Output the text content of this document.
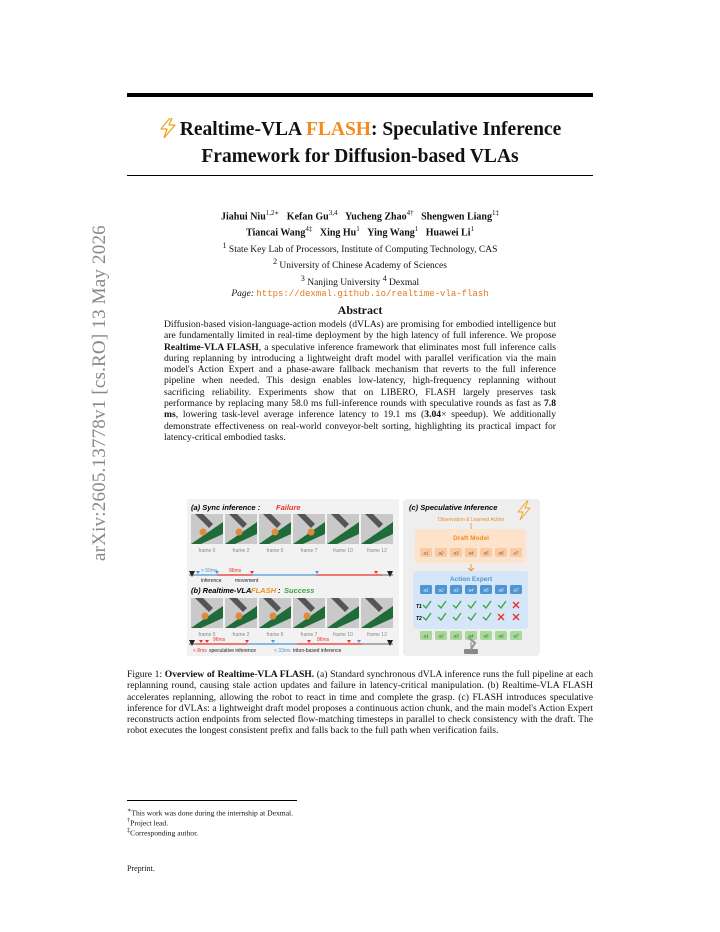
arXiv:2605.13778v1 [cs.RO] 13 May 2026
Realtime-VLA FLASH: Speculative Inference
Framework for Diffusion-based VLAs
Jiahui Niu$^{1,2∗}$ Kefan Gu$^{3,4}$ Yucheng Zhao$^{4\dagger}$ Shengwen Liang$^{1\ddagger}$
Tiancai Wang$^{4\ddagger}$ Xing Hu$^1$ Ying Wang$^1$ Huawei Li$^1$
$^1$ State Key Lab of Processors, Institute of Computing Technology, CAS
$^2$ University of Chinese Academy of Sciences
$^3$ Nanjing University $^4$ Dexmal
Page: https://dexmal.github.io/realtime-vla-flash
Abstract
Diffusion-based vision-language-action models (dVLAs) are promising for embodied intelligence but are fundamentally limited in real-time deployment by the high latency of full inference. We propose Realtime-VLA FLASH, a speculative inference framework that eliminates most full inference calls during replanning by introducing a lightweight draft model with parallel verification via the main model's Action Expert and a phase-aware fallback mechanism that reverts to the full inference pipeline when needed. This design enables low-latency, high-frequency replanning without sacrificing reliability. Experiments show that on LIBERO, FLASH largely preserves task performance by replacing many 58.0 ms full-inference rounds with speculative rounds as fast as 7.8 ms, lowering task-level average inference latency to 19.1 ms (3.04× speedup). We additionally demonstrate effectiveness on real-world conveyor-belt sorting, highlighting its practical impact for latency-critical embodied tasks.
(a) Sync inference : Failure
frame 0	frame 2	frame 5	frame 7	frame 10	frame 12
> 50ms 96ms
inference	movement
(b) Realtime-VLA FLASH : Success
frame 0	frame 2	frame 5	frame 7	frame 10	frame 12
96ms	96ms
< 8ms speculative inference	< 33ms triton-based inference
(c) Speculative Inference
Observation & Learned Action
Draft Model
a1 a2 a3 a4 a5 a6 a7
Action Expert
a1 a2 a3 a4 a5 a6 a7
T1
T2
a1 a2 a3 a4 a5 a6 a7
Figure 1: Overview of Realtime-VLA FLASH. (a) Standard synchronous dVLA inference runs the full pipeline at each replanning round, causing stale action updates and failure in latency-critical manipulation. (b) Realtime-VLA FLASH accelerates replanning, allowing the robot to react in time and complete the grasp. (c) FLASH introduces speculative inference for dVLAs: a lightweight draft model proposes a continuous action chunk, and the main model's Action Expert reconstructs action endpoints from selected flow-matching timesteps in parallel to check consistency with the draft. The robot executes the longest consistent prefix and falls back to the full path when verification fails.
∗This work was done during the internship at Dexmal.
†Project lead.
‡Corresponding author.
Preprint.
